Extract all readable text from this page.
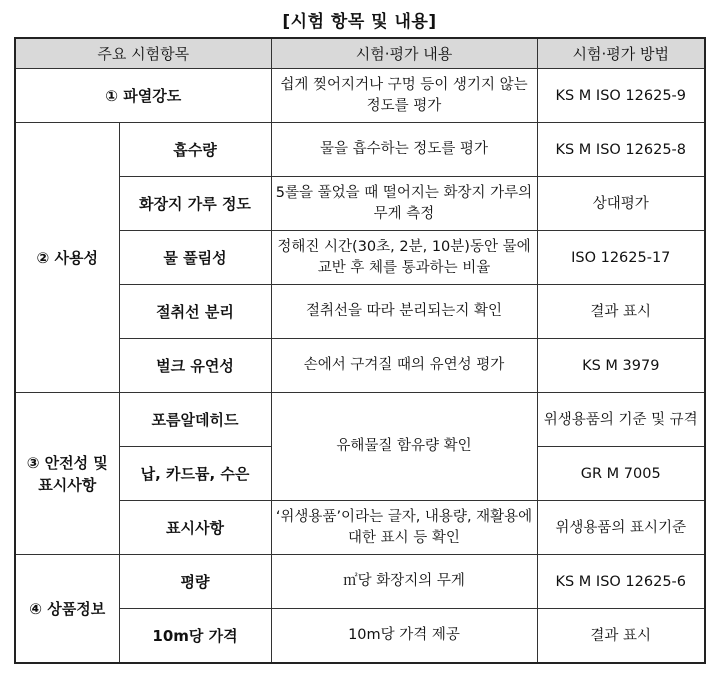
[시험 항목 및 내용]
주요 시험항목		시험·평가 내용	시험·평가 방법
① 파열강도		쉽게 찢어지거나 구멍 등이 생기지 않는 정도를 평가	KS M ISO 12625-9
② 사용성	흡수량	물을 흡수하는 정도를 평가	KS M ISO 12625-8
	화장지 가루 정도	5롤을 풀었을 때 떨어지는 화장지 가루의 무게 측정	상대평가
	물 풀림성	정해진 시간(30초, 2분, 10분)동안 물에 교반 후 체를 통과하는 비율	ISO 12625-17
	절취선 분리	절취선을 따라 분리되는지 확인	결과 표시
	벌크 유연성	손에서 구겨질 때의 유연성 평가	KS M 3979
③ 안전성 및 표시사항	포름알데히드	유해물질 함유량 확인	위생용품의 기준 및 규격
	납, 카드뮴, 수은		GR M 7005
	표시사항	‘위생용품’이라는 글자, 내용량, 재활용에 대한 표시 등 확인	위생용품의 표시기준
④ 상품정보	평량	㎡당 화장지의 무게	KS M ISO 12625-6
	10m당 가격	10m당 가격 제공	결과 표시
